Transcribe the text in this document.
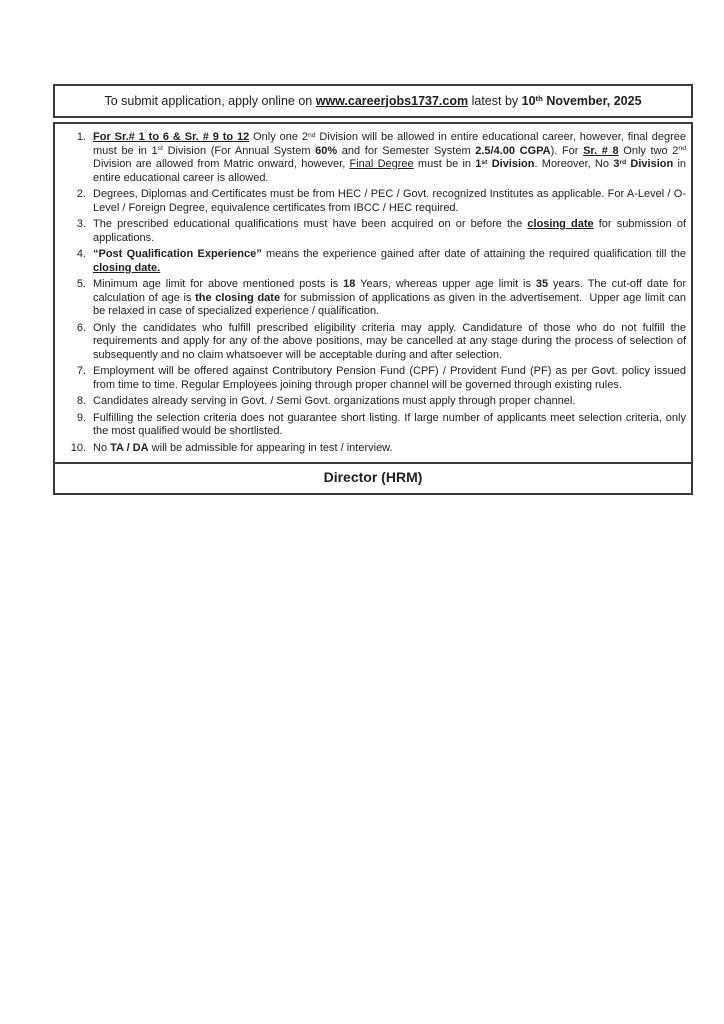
To submit application, apply online on www.careerjobs1737.com latest by 10th November, 2025

1. For Sr.# 1 to 6 & Sr. # 9 to 12 Only one 2nd Division will be allowed in entire educational career, however, final degree must be in 1st Division (For Annual System 60% and for Semester System 2.5/4.00 CGPA). For Sr. # 8 Only two 2nd Division are allowed from Matric onward, however, Final Degree must be in 1st Division. Moreover, No 3rd Division in entire educational career is allowed.
2. Degrees, Diplomas and Certificates must be from HEC / PEC / Govt. recognized Institutes as applicable. For A-Level / O-Level / Foreign Degree, equivalence certificates from IBCC / HEC required.
3. The prescribed educational qualifications must have been acquired on or before the closing date for submission of applications.
4. “Post Qualification Experience” means the experience gained after date of attaining the required qualification till the closing date.
5. Minimum age limit for above mentioned posts is 18 Years, whereas upper age limit is 35 years. The cut-off date for calculation of age is the closing date for submission of applications as given in the advertisement.  Upper age limit can be relaxed in case of specialized experience / qualification.
6. Only the candidates who fulfill prescribed eligibility criteria may apply. Candidature of those who do not fulfill the requirements and apply for any of the above positions, may be cancelled at any stage during the process of selection of subsequently and no claim whatsoever will be acceptable during and after selection.
7. Employment will be offered against Contributory Pension Fund (CPF) / Provident Fund (PF) as per Govt. policy issued from time to time. Regular Employees joining through proper channel will be governed through existing rules.
8. Candidates already serving in Govt. / Semi Govt. organizations must apply through proper channel.
9. Fulfilling the selection criteria does not guarantee short listing. If large number of applicants meet selection criteria, only the most qualified would be shortlisted.
10. No TA / DA will be admissible for appearing in test / interview.
Director (HRM)
